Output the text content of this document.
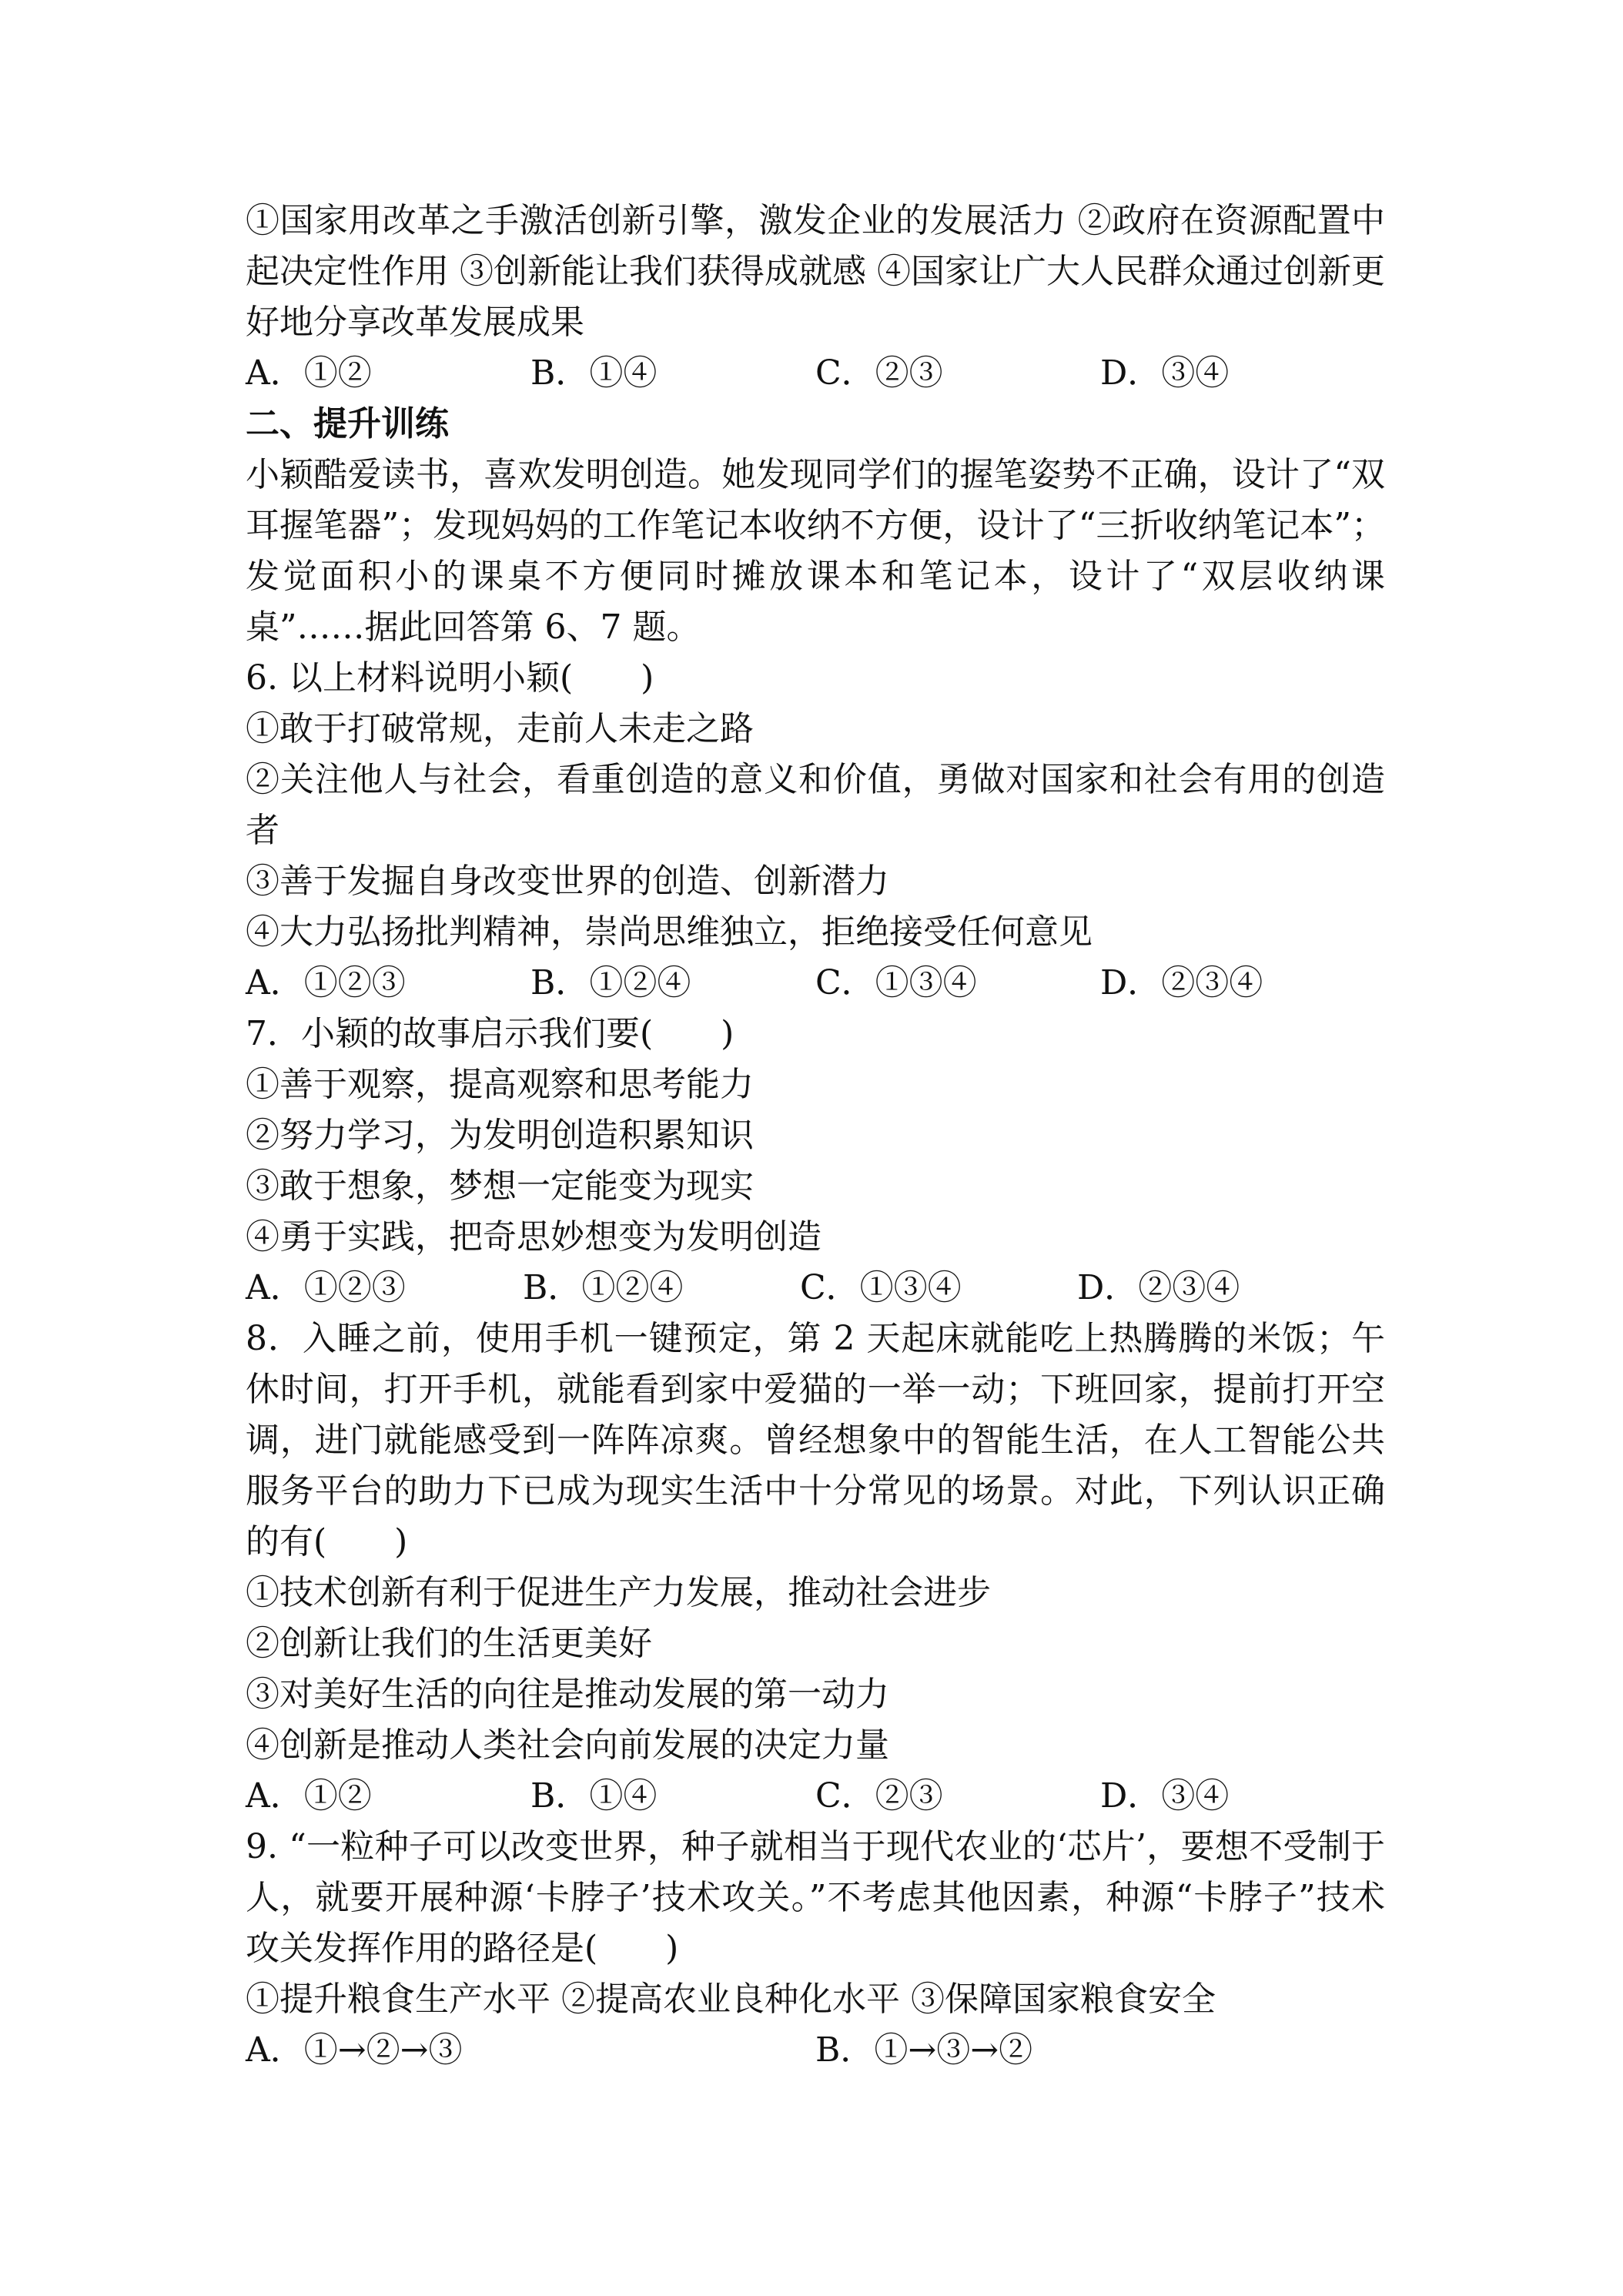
①国家用改革之手激活创新引擎，激发企业的发展活力 ②政府在资源配置中起决定性作用 ③创新能让我们获得成就感 ④国家让广大人民群众通过创新更好地分享改革发展成果
A．①②	B．①④	C．②③	D．③④
二、提升训练
小颖酷爱读书，喜欢发明创造。她发现同学们的握笔姿势不正确，设计了“双耳握笔器”；发现妈妈的工作笔记本收纳不方便，设计了“三折收纳笔记本”；发觉面积小的课桌不方便同时摊放课本和笔记本，设计了“双层收纳课桌”……据此回答第 6、7 题。
6. 以上材料说明小颖(　　)
①敢于打破常规，走前人未走之路
②关注他人与社会，看重创造的意义和价值，勇做对国家和社会有用的创造者
③善于发掘自身改变世界的创造、创新潜力
④大力弘扬批判精神，崇尚思维独立，拒绝接受任何意见
A．①②③	B．①②④	C．①③④	D．②③④
7．小颖的故事启示我们要(　　)
①善于观察，提高观察和思考能力
②努力学习，为发明创造积累知识
③敢于想象，梦想一定能变为现实
④勇于实践，把奇思妙想变为发明创造
A．①②③	B．①②④	C．①③④	D．②③④
8．入睡之前，使用手机一键预定，第 2 天起床就能吃上热腾腾的米饭；午休时间，打开手机，就能看到家中爱猫的一举一动；下班回家，提前打开空调，进门就能感受到一阵阵凉爽。曾经想象中的智能生活，在人工智能公共服务平台的助力下已成为现实生活中十分常见的场景。对此，下列认识正确的有(　　)
①技术创新有利于促进生产力发展，推动社会进步
②创新让我们的生活更美好
③对美好生活的向往是推动发展的第一动力
④创新是推动人类社会向前发展的决定力量
A．①②	B．①④	C．②③	D．③④
9. “一粒种子可以改变世界，种子就相当于现代农业的‘芯片’，要想不受制于人，就要开展种源‘卡脖子’技术攻关。”不考虑其他因素，种源“卡脖子”技术攻关发挥作用的路径是(　　)
①提升粮食生产水平 ②提高农业良种化水平 ③保障国家粮食安全
A．①→②→③	B．①→③→②
